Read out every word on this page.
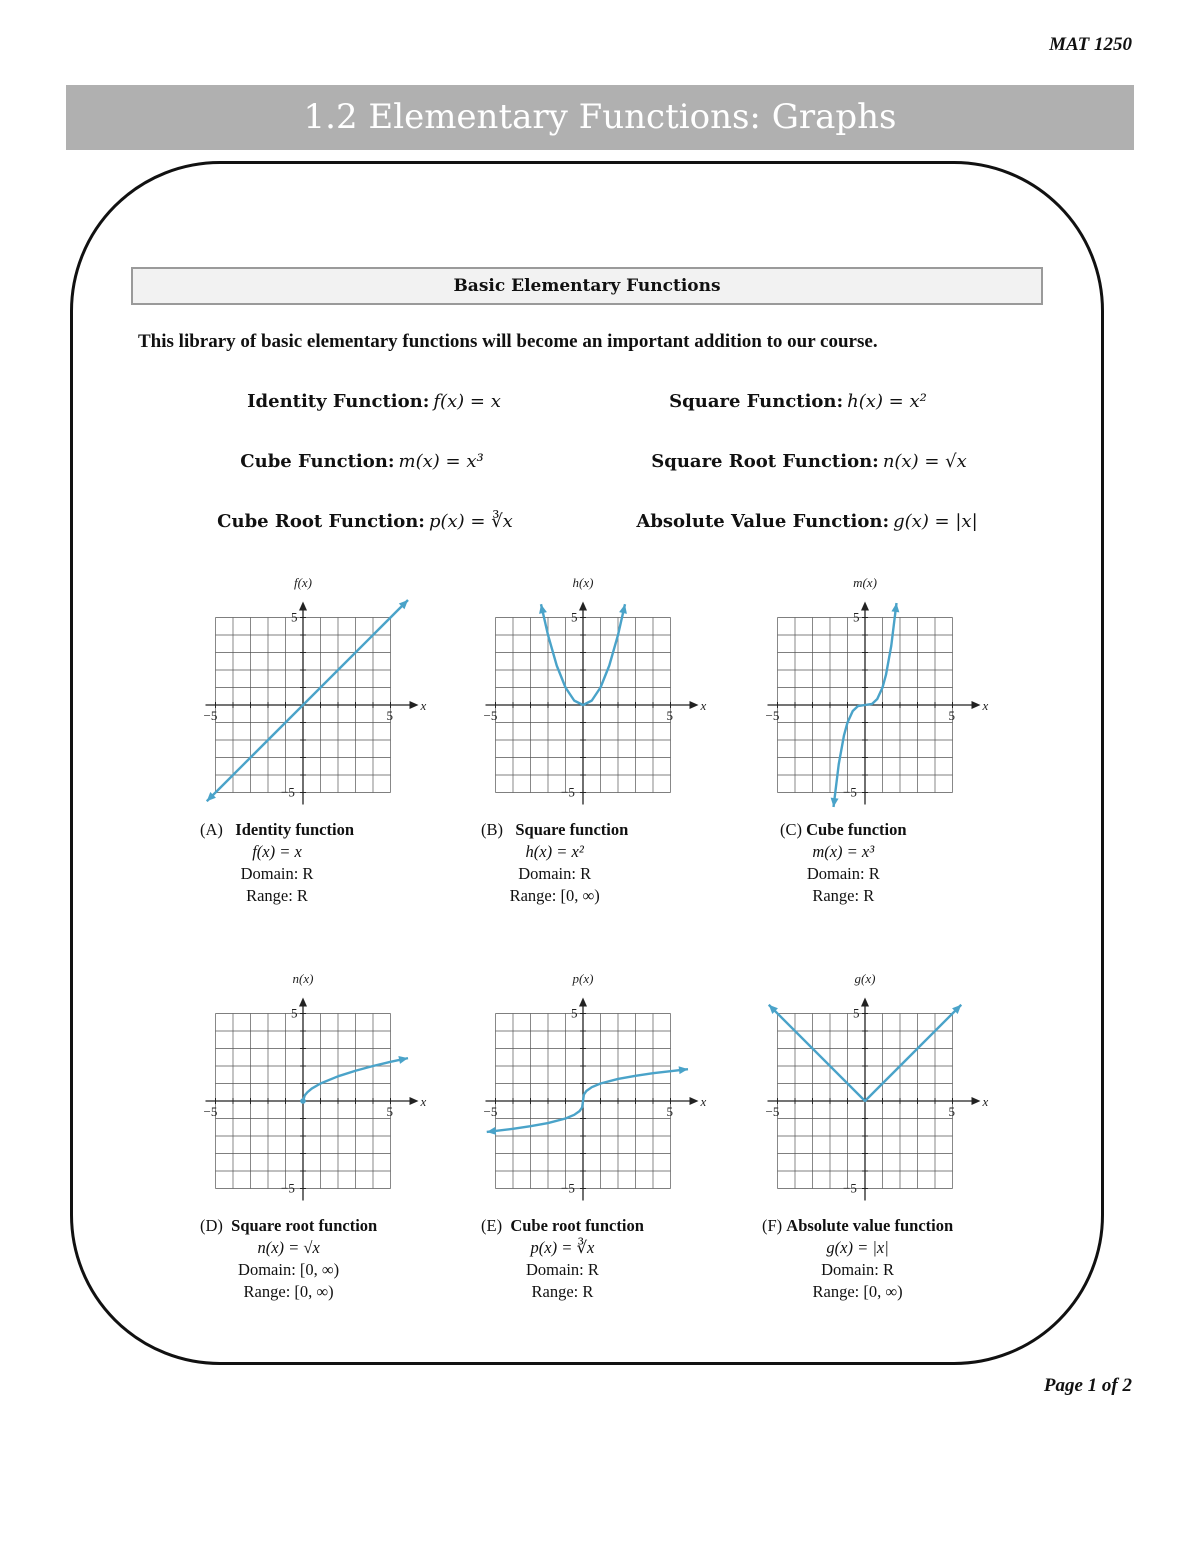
MAT 1250
1.2 Elementary Functions: Graphs
Basic Elementary Functions
This library of basic elementary functions will become an important addition to our course.
Identity Function: f(x) = x	Square Function: h(x) = x²
Cube Function: m(x) = x³	Square Root Function: n(x) = √x
Cube Root Function: p(x) = ∛x	Absolute Value Function: g(x) = |x|
−5	5
5
−5
x
f(x)
−5	5
5
−5
x
h(x)
−5	5
5
−5
x
m(x)
−5	5
5
−5
x
n(x)
−5	5
5
−5
x
p(x)
−5	5
5
−5
x
g(x)
(A) Identity function
f(x) = x
Domain: R
Range: R
(B) Square function
h(x) = x²
Domain: R
Range: [0, ∞)
(C) Cube function
m(x) = x³
Domain: R
Range: R
(D) Square root function
n(x) = √x
Domain: [0, ∞)
Range: [0, ∞)
(E) Cube root function
p(x) = ∛x
Domain: R
Range: R
(F) Absolute value function
g(x) = |x|
Domain: R
Range: [0, ∞)
Page 1 of 2
